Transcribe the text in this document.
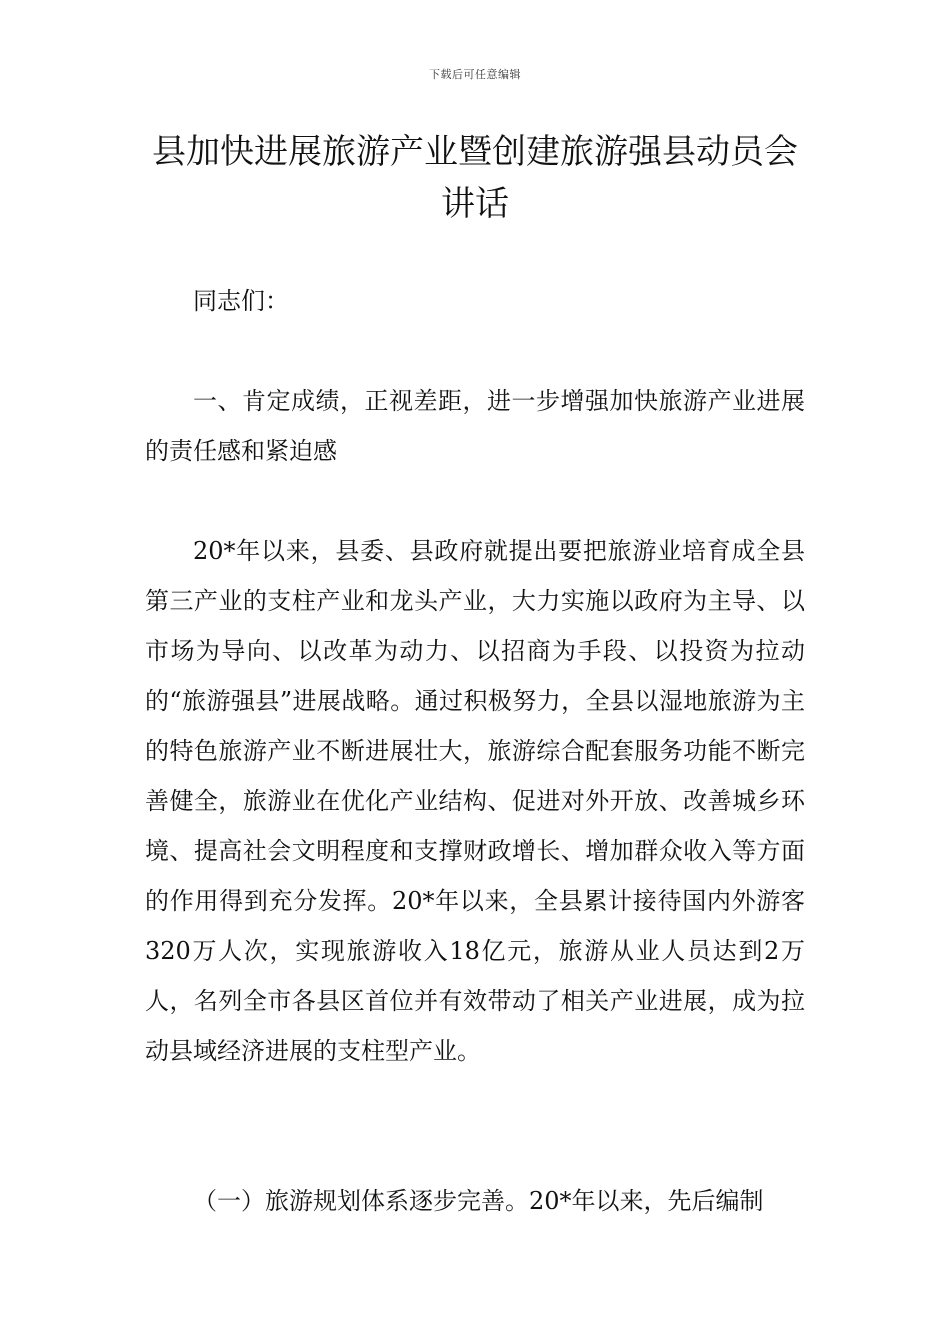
下载后可任意编辑
县加快进展旅游产业暨创建旅游强县动员会讲话

同志们：

一、肯定成绩，正视差距，进一步增强加快旅游产业进展的责任感和紧迫感

20*年以来，县委、县政府就提出要把旅游业培育成全县第三产业的支柱产业和龙头产业，大力实施以政府为主导、以市场为导向、以改革为动力、以招商为手段、以投资为拉动的“旅游强县”进展战略。通过积极努力，全县以湿地旅游为主的特色旅游产业不断进展壮大，旅游综合配套服务功能不断完善健全，旅游业在优化产业结构、促进对外开放、改善城乡环境、提高社会文明程度和支撑财政增长、增加群众收入等方面的作用得到充分发挥。20*年以来，全县累计接待国内外游客320万人次，实现旅游收入18亿元，旅游从业人员达到2万人，名列全市各县区首位并有效带动了相关产业进展，成为拉动县域经济进展的支柱型产业。

（一）旅游规划体系逐步完善。20*年以来，先后编制
